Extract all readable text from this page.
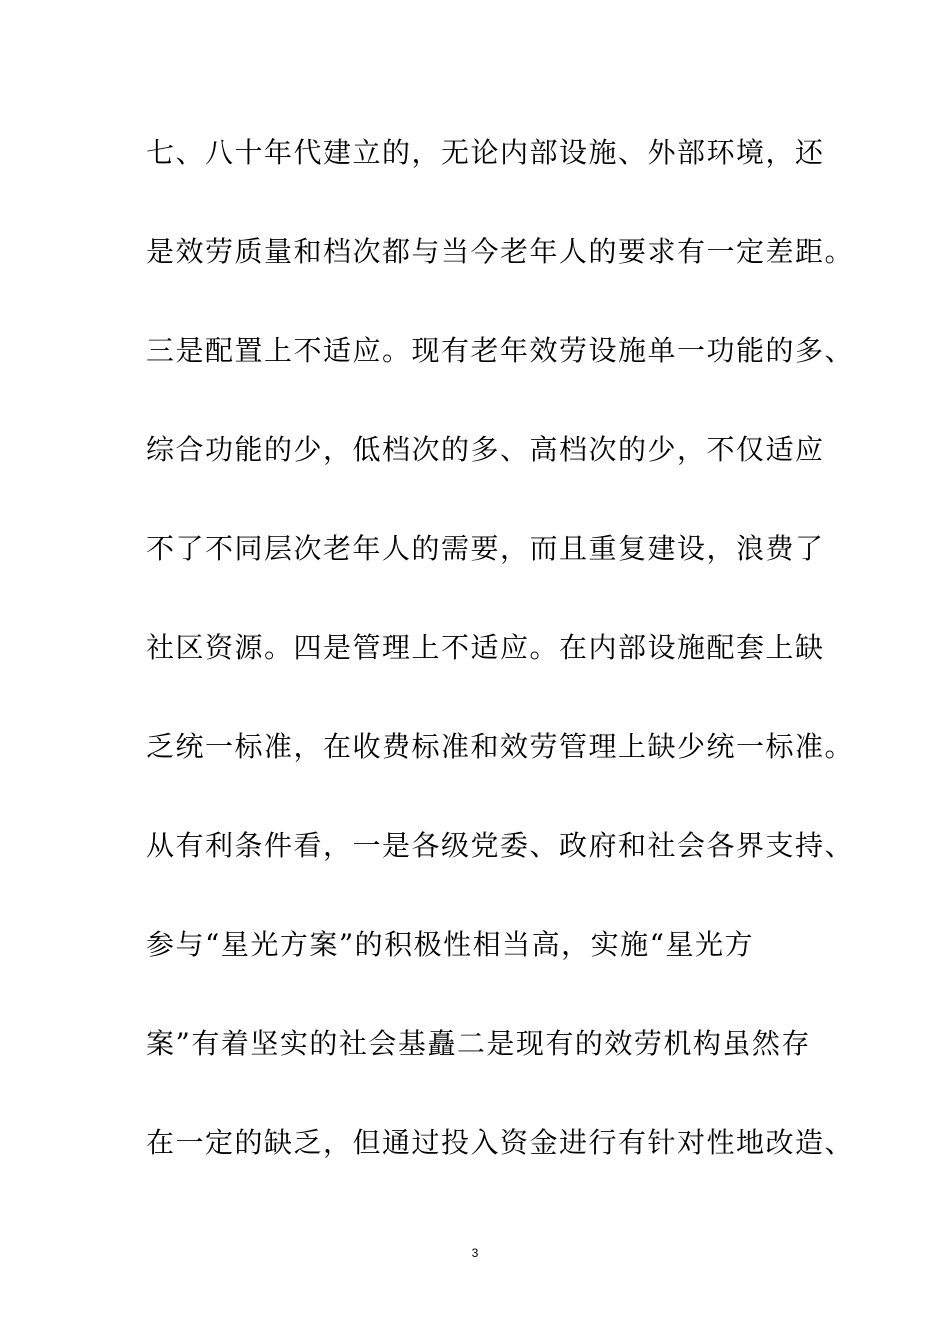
七、八十年代建立的，无论内部设施、外部环境，还

是效劳质量和档次都与当今老年人的要求有一定差距。

三是配置上不适应。现有老年效劳设施单一功能的多、

综合功能的少，低档次的多、高档次的少，不仅适应

不了不同层次老年人的需要，而且重复建设，浪费了

社区资源。四是管理上不适应。在内部设施配套上缺

乏统一标准，在收费标准和效劳管理上缺少统一标准。

从有利条件看，一是各级党委、政府和社会各界支持、

参与“星光方案”的积极性相当高，实施“星光方

案”有着坚实的社会基矗二是现有的效劳机构虽然存

在一定的缺乏，但通过投入资金进行有针对性地改造、

3
